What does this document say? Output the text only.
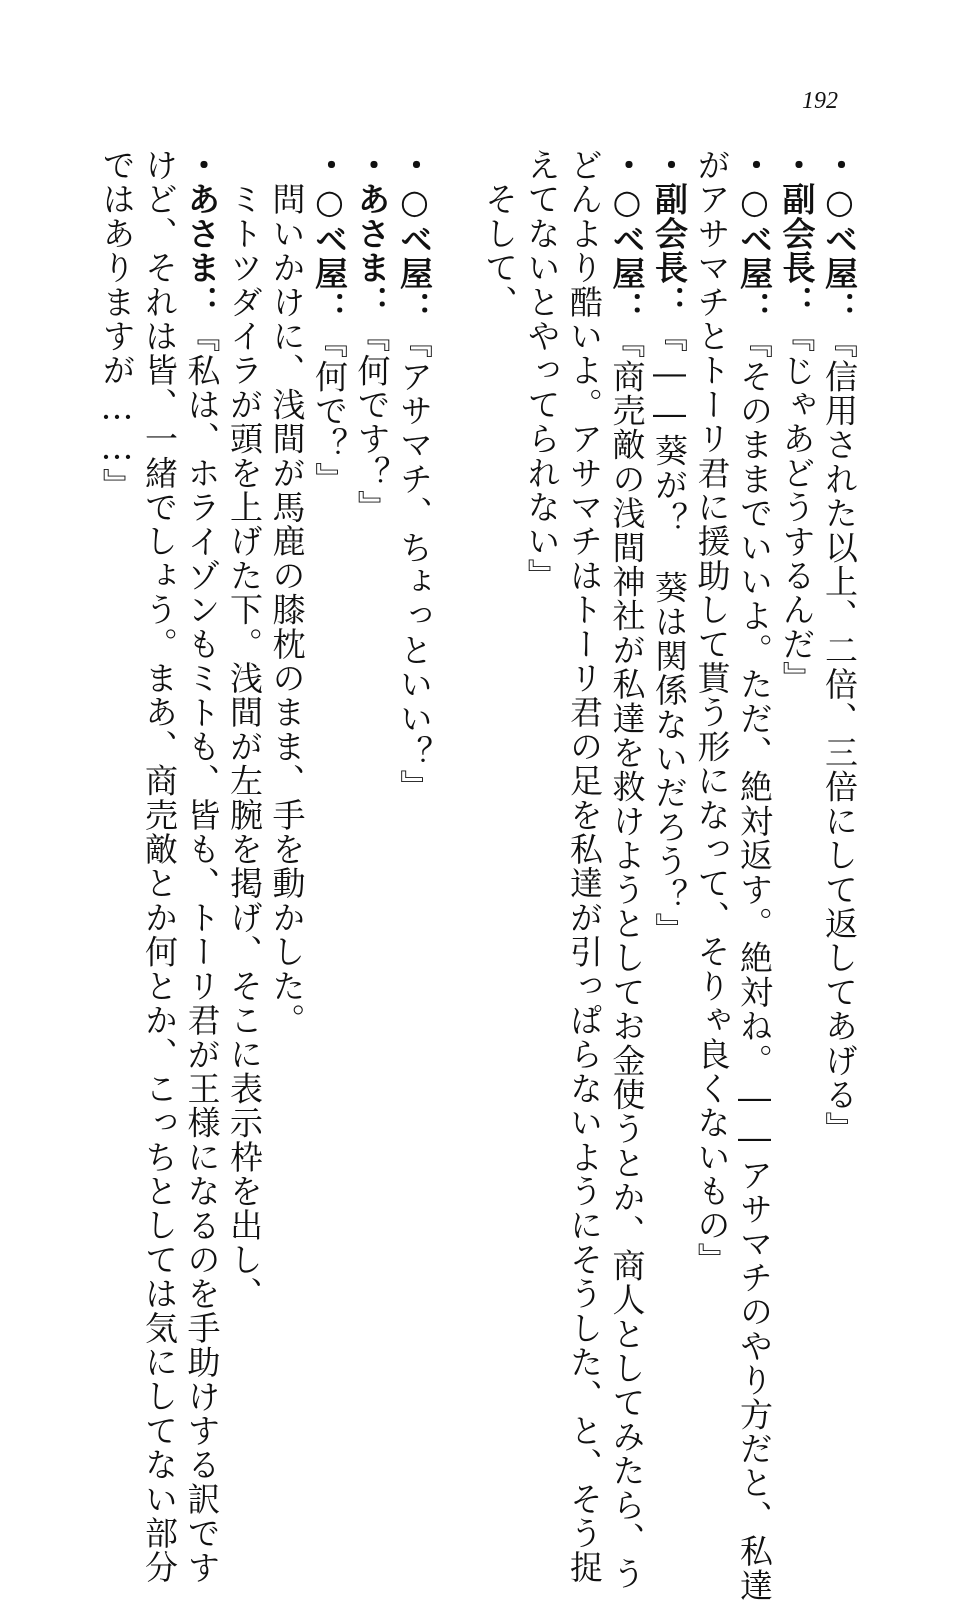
192
・○ベ屋：『信用された以上、二倍、三倍にして返してあげる』
・副会長：『じゃあどうするんだ』
・○ベ屋：『そのままでいいよ。ただ、絶対返す。絶対ね。――アサマチのやり方だと、私達
がアサマチとトーリ君に援助して貰う形になって、そりゃ良くないもの』
・副会長：『――葵が？　葵は関係ないだろう？』
・○ベ屋：『商売敵の浅間神社が私達を救けようとしてお金使うとか、商人としてみたら、う
どんより酷いよ。アサマチはトーリ君の足を私達が引っぱらないようにそうした、と、そう捉
えてないとやってられない』
　そして、
・○ベ屋：『アサマチ、ちょっといい？』
・あさま：『何です？』
・○ベ屋：『何で？』
　問いかけに、浅間が馬鹿の膝枕のまま、手を動かした。
　ミトツダイラが頭を上げた下。浅間が左腕を掲げ、そこに表示枠を出し、
・あさま：『私は、ホライゾンもミトも、皆も、トーリ君が王様になるのを手助けする訳です
けど、それは皆、一緒でしょう。まあ、商売敵とか何とか、こっちとしては気にしてない部分
ではありますが……』
